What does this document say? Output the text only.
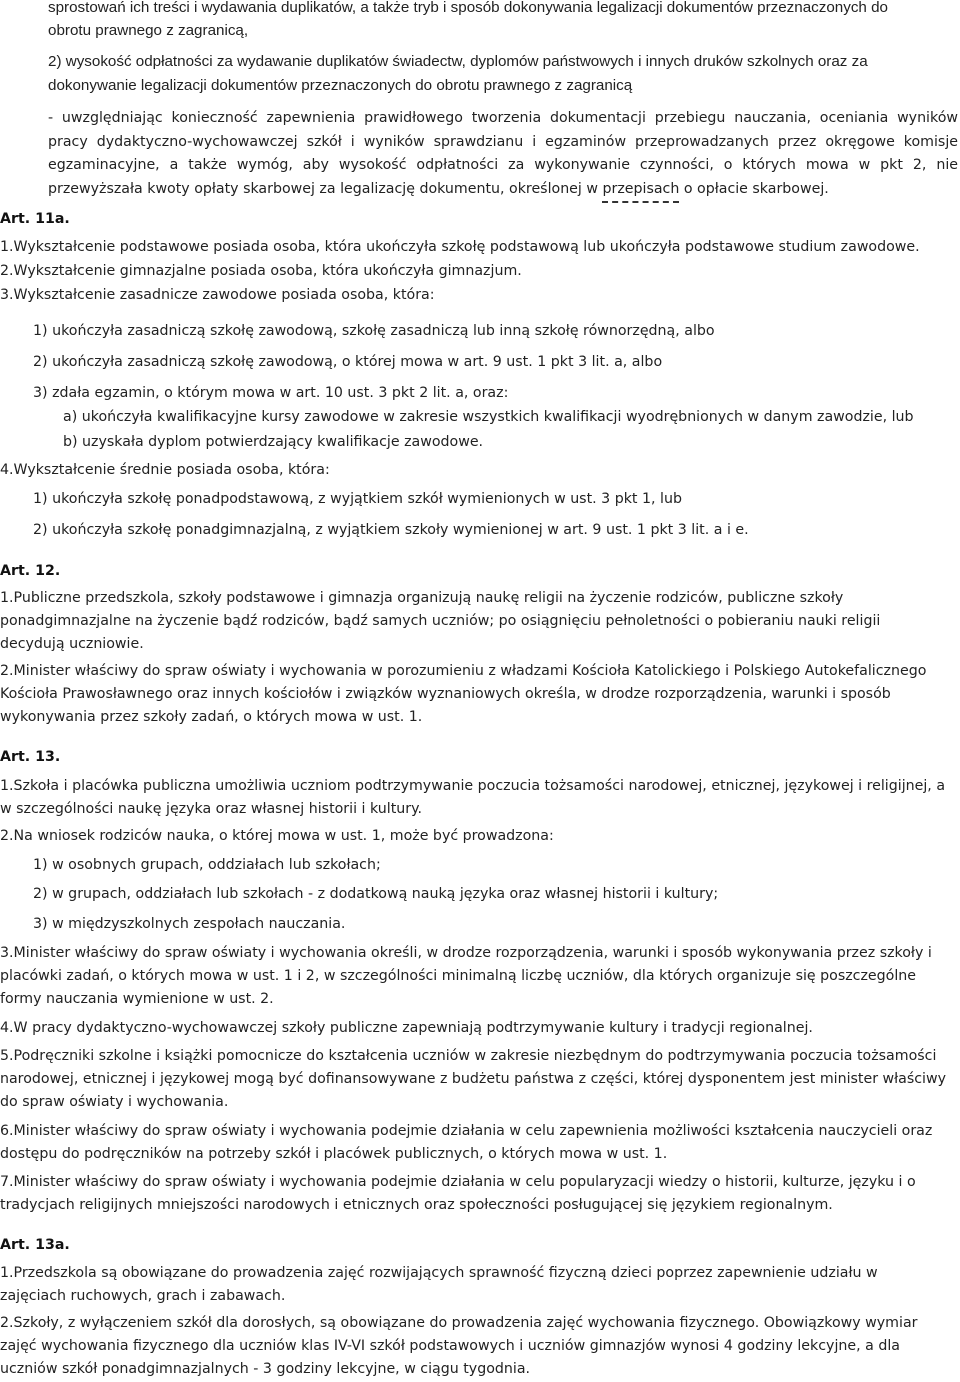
sprostowań ich treści i wydawania duplikatów, a także tryb i sposób dokonywania legalizacji dokumentów przeznaczonych do

obrotu prawnego z zagranicą,

2) wysokość odpłatności za wydawanie duplikatów świadectw, dyplomów państwowych i innych druków szkolnych oraz za

dokonywanie legalizacji dokumentów przeznaczonych do obrotu prawnego z zagranicą

- uwzględniając konieczność zapewnienia prawidłowego tworzenia dokumentacji przebiegu nauczania, oceniania wyników pracy dydaktyczno-wychowawczej szkół i wyników sprawdzianu i egzaminów przeprowadzanych przez okręgowe komisje egzaminacyjne, a także wymóg, aby wysokość odpłatności za wykonywanie czynności, o których mowa w pkt 2, nie przewyższała kwoty opłaty skarbowej za legalizację dokumentu, określonej w przepisach o opłacie skarbowej.

Art. 11a.

1.Wykształcenie podstawowe posiada osoba, która ukończyła szkołę podstawową lub ukończyła podstawowe studium zawodowe.

2.Wykształcenie gimnazjalne posiada osoba, która ukończyła gimnazjum.

3.Wykształcenie zasadnicze zawodowe posiada osoba, która:

1) ukończyła zasadniczą szkołę zawodową, szkołę zasadniczą lub inną szkołę równorzędną, albo

2) ukończyła zasadniczą szkołę zawodową, o której mowa w art. 9 ust. 1 pkt 3 lit. a, albo

3) zdała egzamin, o którym mowa w art. 10 ust. 3 pkt 2 lit. a, oraz:

a) ukończyła kwalifikacyjne kursy zawodowe w zakresie wszystkich kwalifikacji wyodrębnionych w danym zawodzie, lub

b) uzyskała dyplom potwierdzający kwalifikacje zawodowe.

4.Wykształcenie średnie posiada osoba, która:

1) ukończyła szkołę ponadpodstawową, z wyjątkiem szkół wymienionych w ust. 3 pkt 1, lub

2) ukończyła szkołę ponadgimnazjalną, z wyjątkiem szkoły wymienionej w art. 9 ust. 1 pkt 3 lit. a i e.

Art. 12.

1.Publiczne przedszkola, szkoły podstawowe i gimnazja organizują naukę religii na życzenie rodziców, publiczne szkoły ponadgimnazjalne na życzenie bądź rodziców, bądź samych uczniów; po osiągnięciu pełnoletności o pobieraniu nauki religii decydują uczniowie.

2.Minister właściwy do spraw oświaty i wychowania w porozumieniu z władzami Kościoła Katolickiego i Polskiego Autokefalicznego Kościoła Prawosławnego oraz innych kościołów i związków wyznaniowych określa, w drodze rozporządzenia, warunki i sposób wykonywania przez szkoły zadań, o których mowa w ust. 1.

Art. 13.

1.Szkoła i placówka publiczna umożliwia uczniom podtrzymywanie poczucia tożsamości narodowej, etnicznej, językowej i religijnej, a w szczególności naukę języka oraz własnej historii i kultury.

2.Na wniosek rodziców nauka, o której mowa w ust. 1, może być prowadzona:

1) w osobnych grupach, oddziałach lub szkołach;

2) w grupach, oddziałach lub szkołach - z dodatkową nauką języka oraz własnej historii i kultury;

3) w międzyszkolnych zespołach nauczania.

3.Minister właściwy do spraw oświaty i wychowania określi, w drodze rozporządzenia, warunki i sposób wykonywania przez szkoły i placówki zadań, o których mowa w ust. 1 i 2, w szczególności minimalną liczbę uczniów, dla których organizuje się poszczególne formy nauczania wymienione w ust. 2.

4.W pracy dydaktyczno-wychowawczej szkoły publiczne zapewniają podtrzymywanie kultury i tradycji regionalnej.

5.Podręczniki szkolne i książki pomocnicze do kształcenia uczniów w zakresie niezbędnym do podtrzymywania poczucia tożsamości narodowej, etnicznej i językowej mogą być dofinansowywane z budżetu państwa z części, której dysponentem jest minister właściwy do spraw oświaty i wychowania.

6.Minister właściwy do spraw oświaty i wychowania podejmie działania w celu zapewnienia możliwości kształcenia nauczycieli oraz dostępu do podręczników na potrzeby szkół i placówek publicznych, o których mowa w ust. 1.

7.Minister właściwy do spraw oświaty i wychowania podejmie działania w celu popularyzacji wiedzy o historii, kulturze, języku i o tradycjach religijnych mniejszości narodowych i etnicznych oraz społeczności posługującej się językiem regionalnym.

Art. 13a.

1.Przedszkola są obowiązane do prowadzenia zajęć rozwijających sprawność fizyczną dzieci poprzez zapewnienie udziału w zajęciach ruchowych, grach i zabawach.

2.Szkoły, z wyłączeniem szkół dla dorosłych, są obowiązane do prowadzenia zajęć wychowania fizycznego. Obowiązkowy wymiar zajęć wychowania fizycznego dla uczniów klas IV-VI szkół podstawowych i uczniów gimnazjów wynosi 4 godziny lekcyjne, a dla uczniów szkół ponadgimnazjalnych - 3 godziny lekcyjne, w ciągu tygodnia.
